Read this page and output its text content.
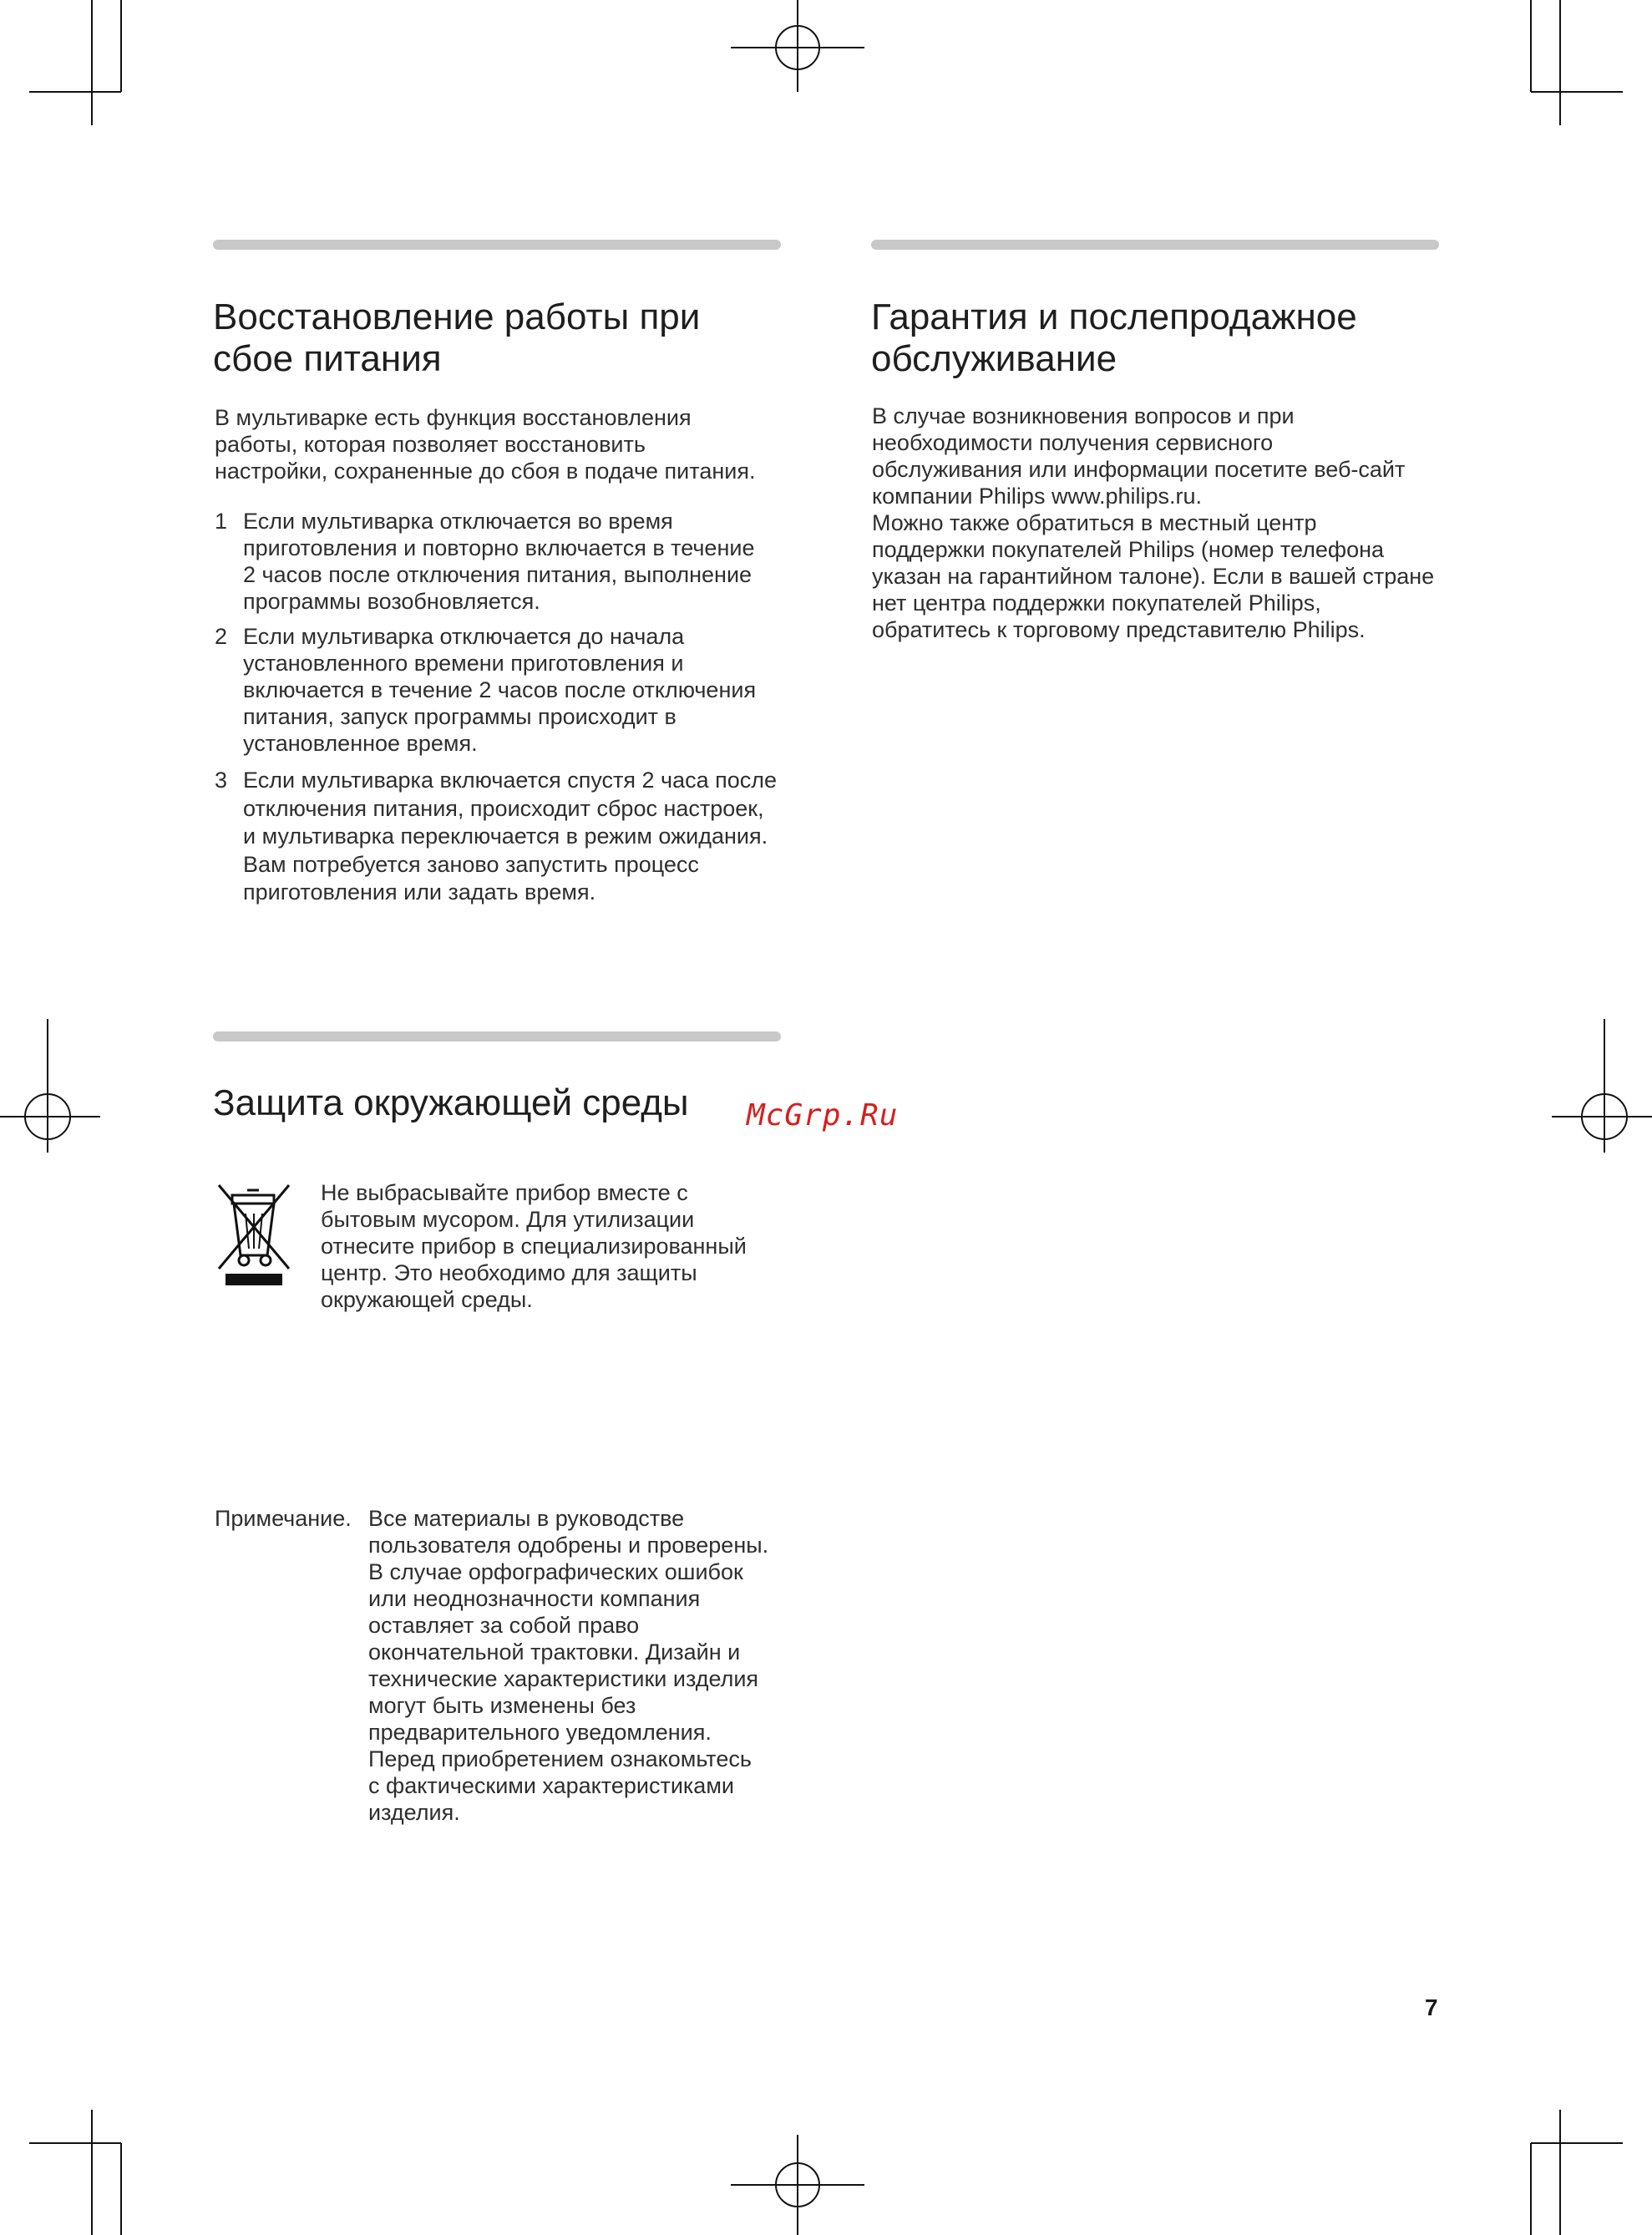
Восстановление работы при
сбое питания

В мультиварке есть функция восстановления
работы, которая позволяет восстановить
настройки, сохраненные до сбоя в подаче питания.

1 Если мультиварка отключается во время
приготовления и повторно включается в течение
2 часов после отключения питания, выполнение
программы возобновляется.
2 Если мультиварка отключается до начала
установленного времени приготовления и
включается в течение 2 часов после отключения
питания, запуск программы происходит в
установленное время.
3 Если мультиварка включается спустя 2 часа после
отключения питания, происходит сброс настроек,
и мультиварка переключается в режим ожидания.
Вам потребуется заново запустить процесс
приготовления или задать время.
Гарантия и послепродажное
обслуживание

В случае возникновения вопросов и при
необходимости получения сервисного
обслуживания или информации посетите веб-сайт
компании Philips www.philips.ru.
Можно также обратиться в местный центр
поддержки покупателей Philips (номер телефона
указан на гарантийном талоне). Если в вашей стране
нет центра поддержки покупателей Philips,
обратитесь к торговому представителю Philips.

Защита окружающей среды	McGrp.Ru

Не выбрасывайте прибор вместе с
бытовым мусором. Для утилизации
отнесите прибор в специализированный
центр. Это необходимо для защиты
окружающей среды.

Примечание. Все материалы в руководстве
пользователя одобрены и проверены.
В случае орфографических ошибок
или неоднозначности компания
оставляет за собой право
окончательной трактовки. Дизайн и
технические характеристики изделия
могут быть изменены без
предварительного уведомления.
Перед приобретением ознакомьтесь
с фактическими характеристиками
изделия.

7
